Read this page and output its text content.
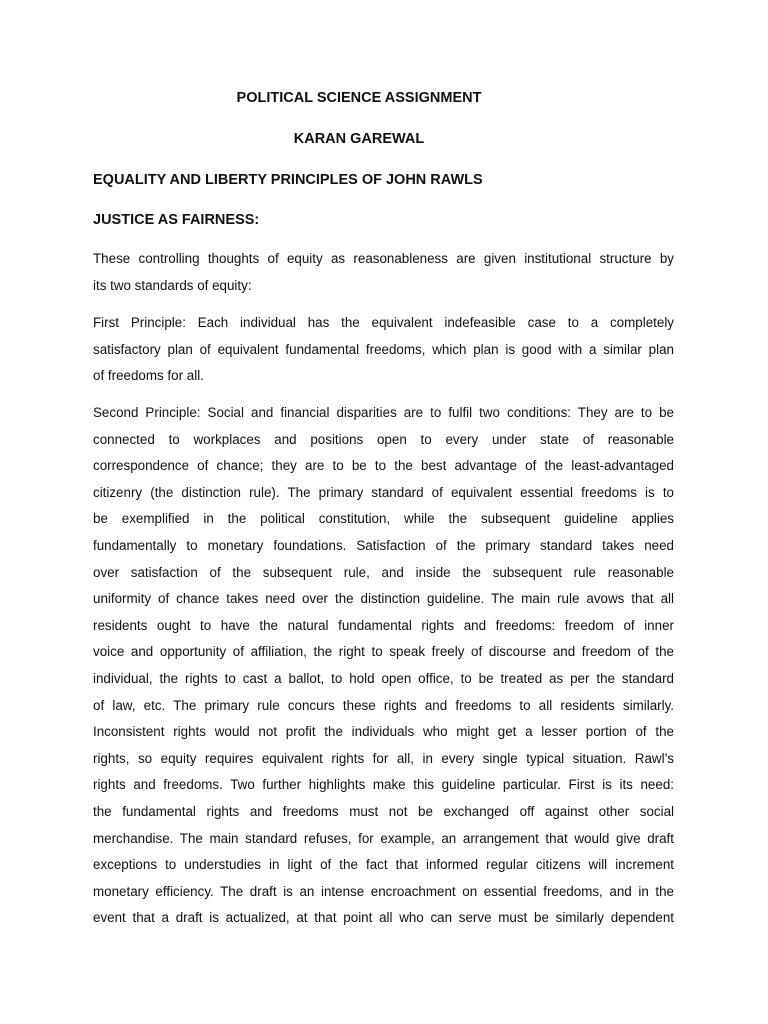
POLITICAL SCIENCE ASSIGNMENT
KARAN GAREWAL
EQUALITY AND LIBERTY PRINCIPLES OF JOHN RAWLS
JUSTICE AS FAIRNESS:
These controlling thoughts of equity as reasonableness are given institutional structure by
its two standards of equity:
First Principle: Each individual has the equivalent indefeasible case to a completely
satisfactory plan of equivalent fundamental freedoms, which plan is good with a similar plan
of freedoms for all.
Second Principle: Social and financial disparities are to fulfil two conditions: They are to be
connected to workplaces and positions open to every under state of reasonable
correspondence of chance; they are to be to the best advantage of the least-advantaged
citizenry (the distinction rule). The primary standard of equivalent essential freedoms is to
be exemplified in the political constitution, while the subsequent guideline applies
fundamentally to monetary foundations. Satisfaction of the primary standard takes need
over satisfaction of the subsequent rule, and inside the subsequent rule reasonable
uniformity of chance takes need over the distinction guideline. The main rule avows that all
residents ought to have the natural fundamental rights and freedoms: freedom of inner
voice and opportunity of affiliation, the right to speak freely of discourse and freedom of the
individual, the rights to cast a ballot, to hold open office, to be treated as per the standard
of law, etc. The primary rule concurs these rights and freedoms to all residents similarly.
Inconsistent rights would not profit the individuals who might get a lesser portion of the
rights, so equity requires equivalent rights for all, in every single typical situation. Rawl’s
rights and freedoms. Two further highlights make this guideline particular. First is its need:
the fundamental rights and freedoms must not be exchanged off against other social
merchandise. The main standard refuses, for example, an arrangement that would give draft
exceptions to understudies in light of the fact that informed regular citizens will increment
monetary efficiency. The draft is an intense encroachment on essential freedoms, and in the
event that a draft is actualized, at that point all who can serve must be similarly dependent
